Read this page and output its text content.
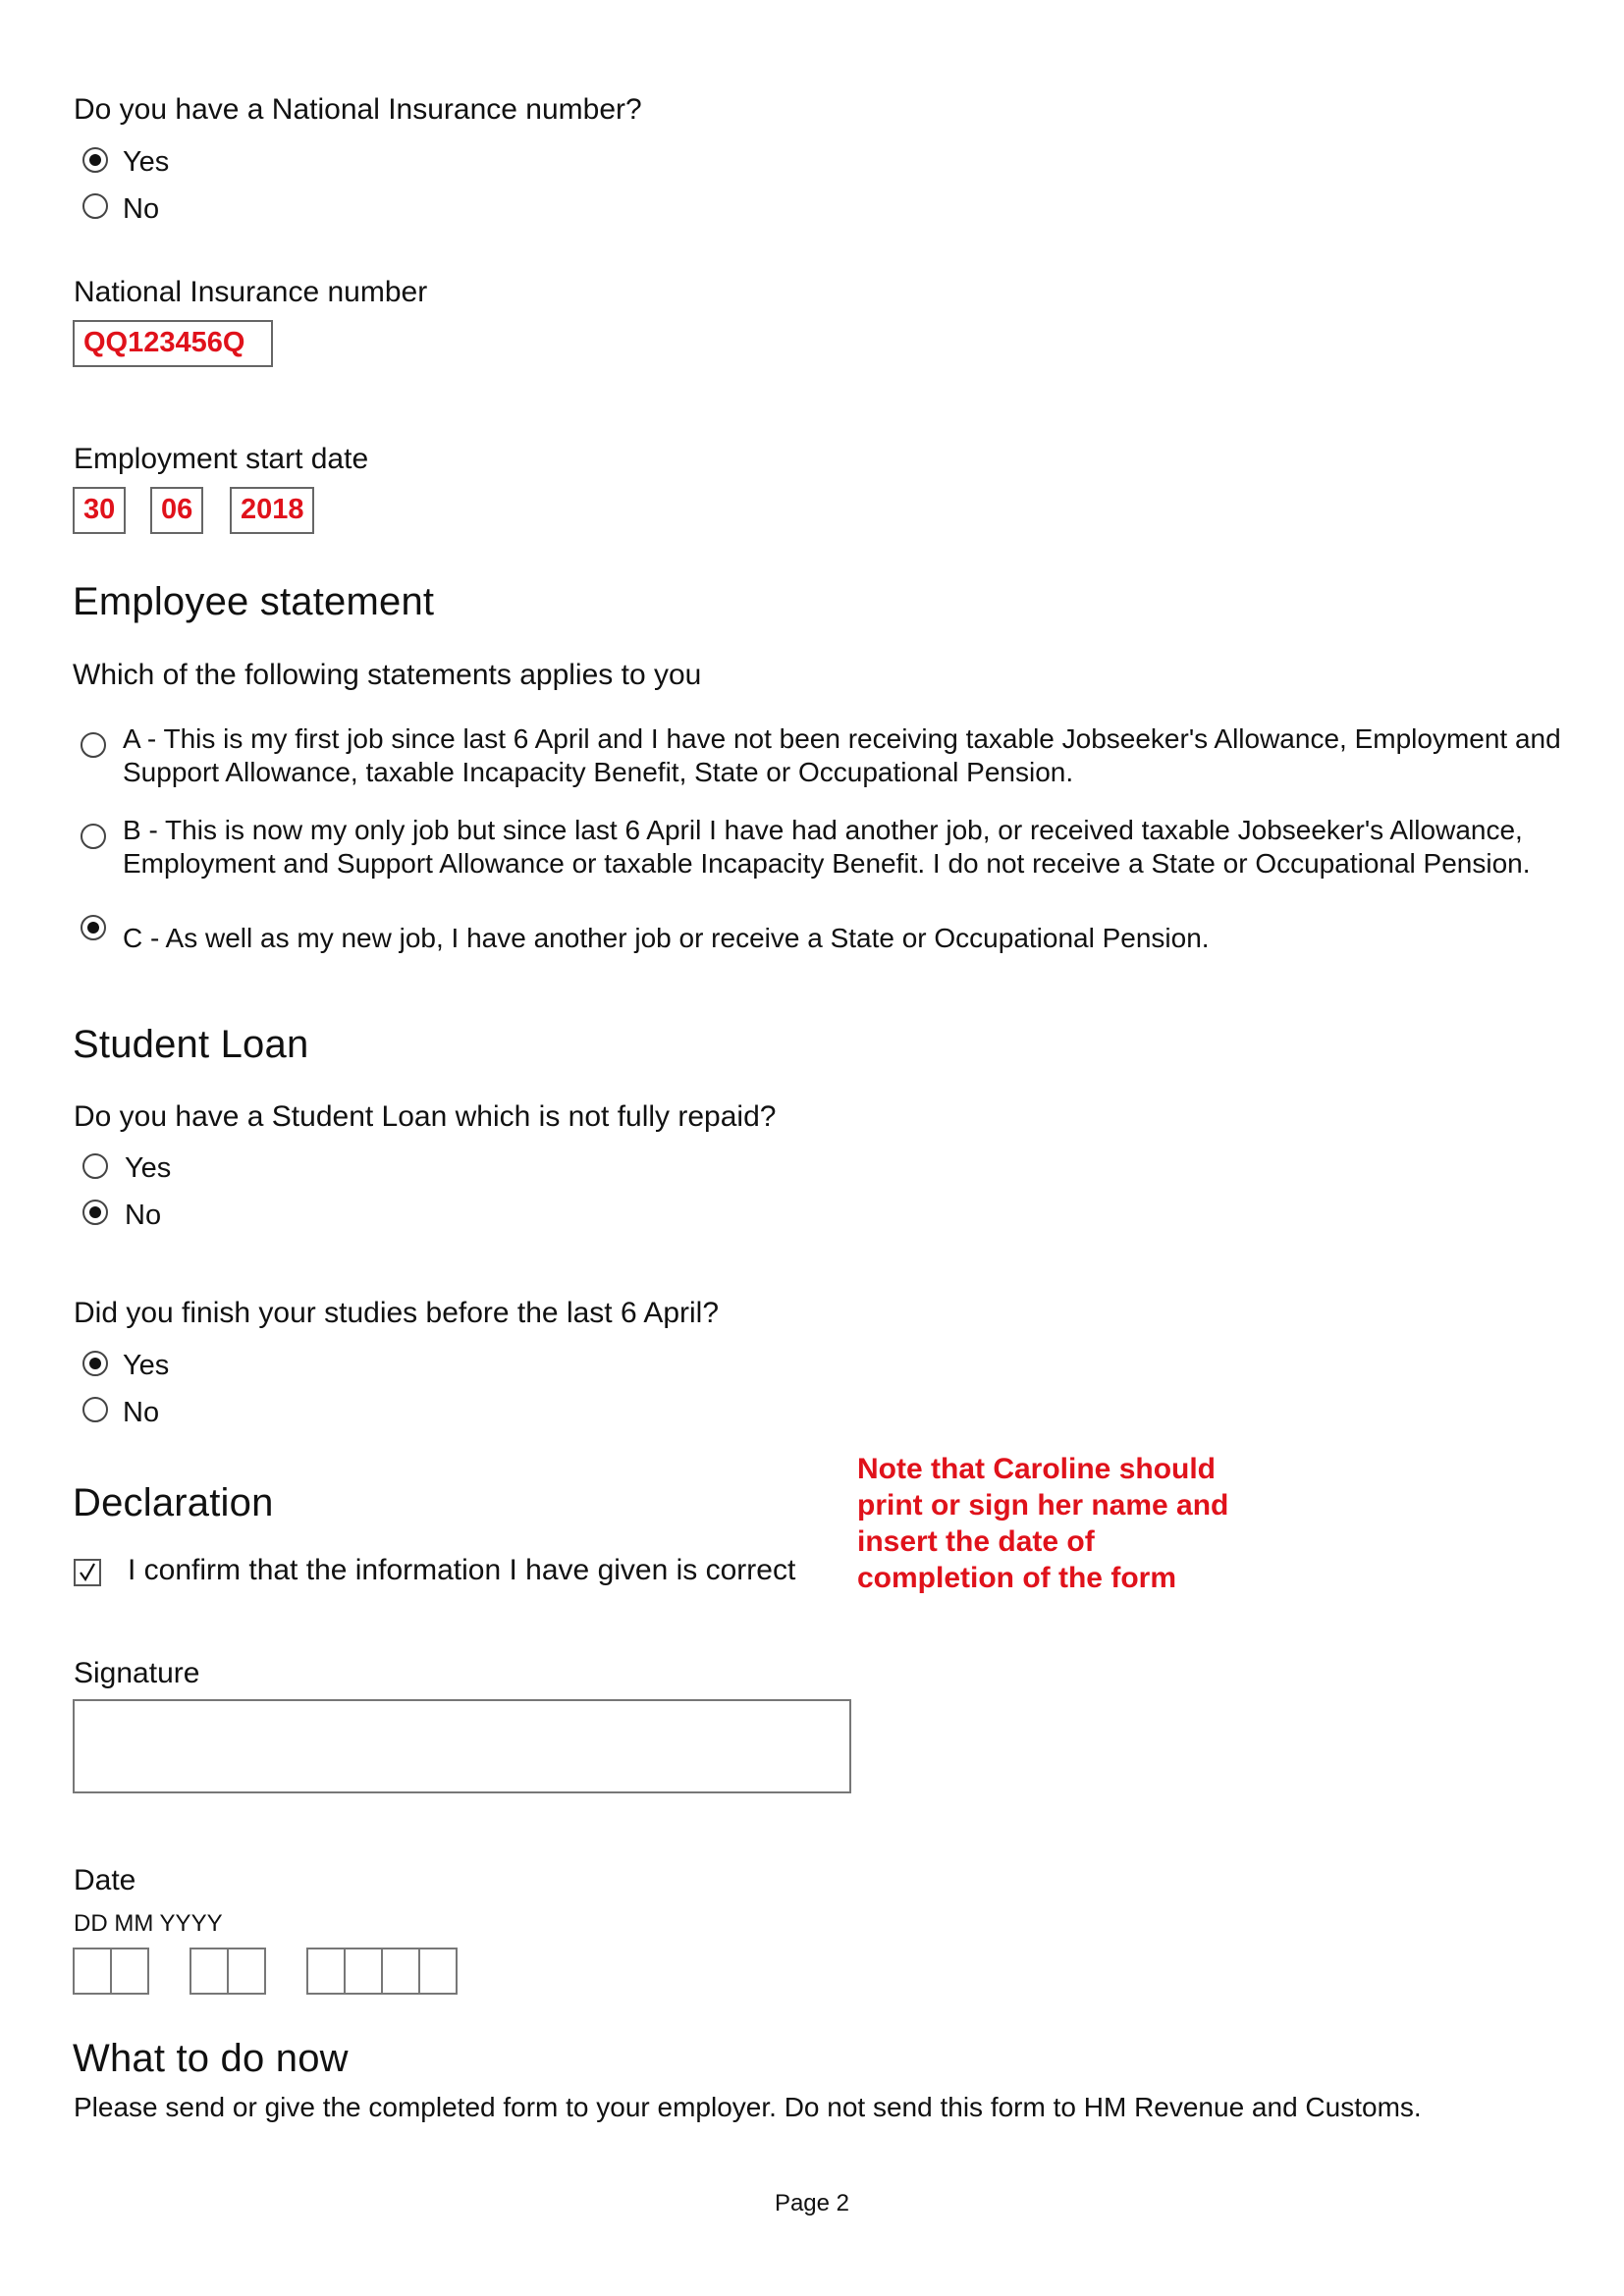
Do you have a National Insurance number?
Yes
No
National Insurance number
QQ123456Q
Employment start date
30	06	2018
Employee statement
Which of the following statements applies to you
A - This is my first job since last 6 April and I have not been receiving taxable Jobseeker's Allowance, Employment and Support Allowance, taxable Incapacity Benefit, State or Occupational Pension.
B - This is now my only job but since last 6 April I have had another job, or received taxable Jobseeker's Allowance, Employment and Support Allowance or taxable Incapacity Benefit. I do not receive a State or Occupational Pension.
C - As well as my new job, I have another job or receive a State or Occupational Pension.
Student Loan
Do you have a Student Loan which is not fully repaid?
Yes
No
Did you finish your studies before the last 6 April?
Yes
No
Declaration
I confirm that the information I have given is correct
Note that Caroline should print or sign her name and insert the date of completion of the form
Signature
Date
DD MM YYYY
What to do now
Please send or give the completed form to your employer. Do not send this form to HM Revenue and Customs.
Page 2
